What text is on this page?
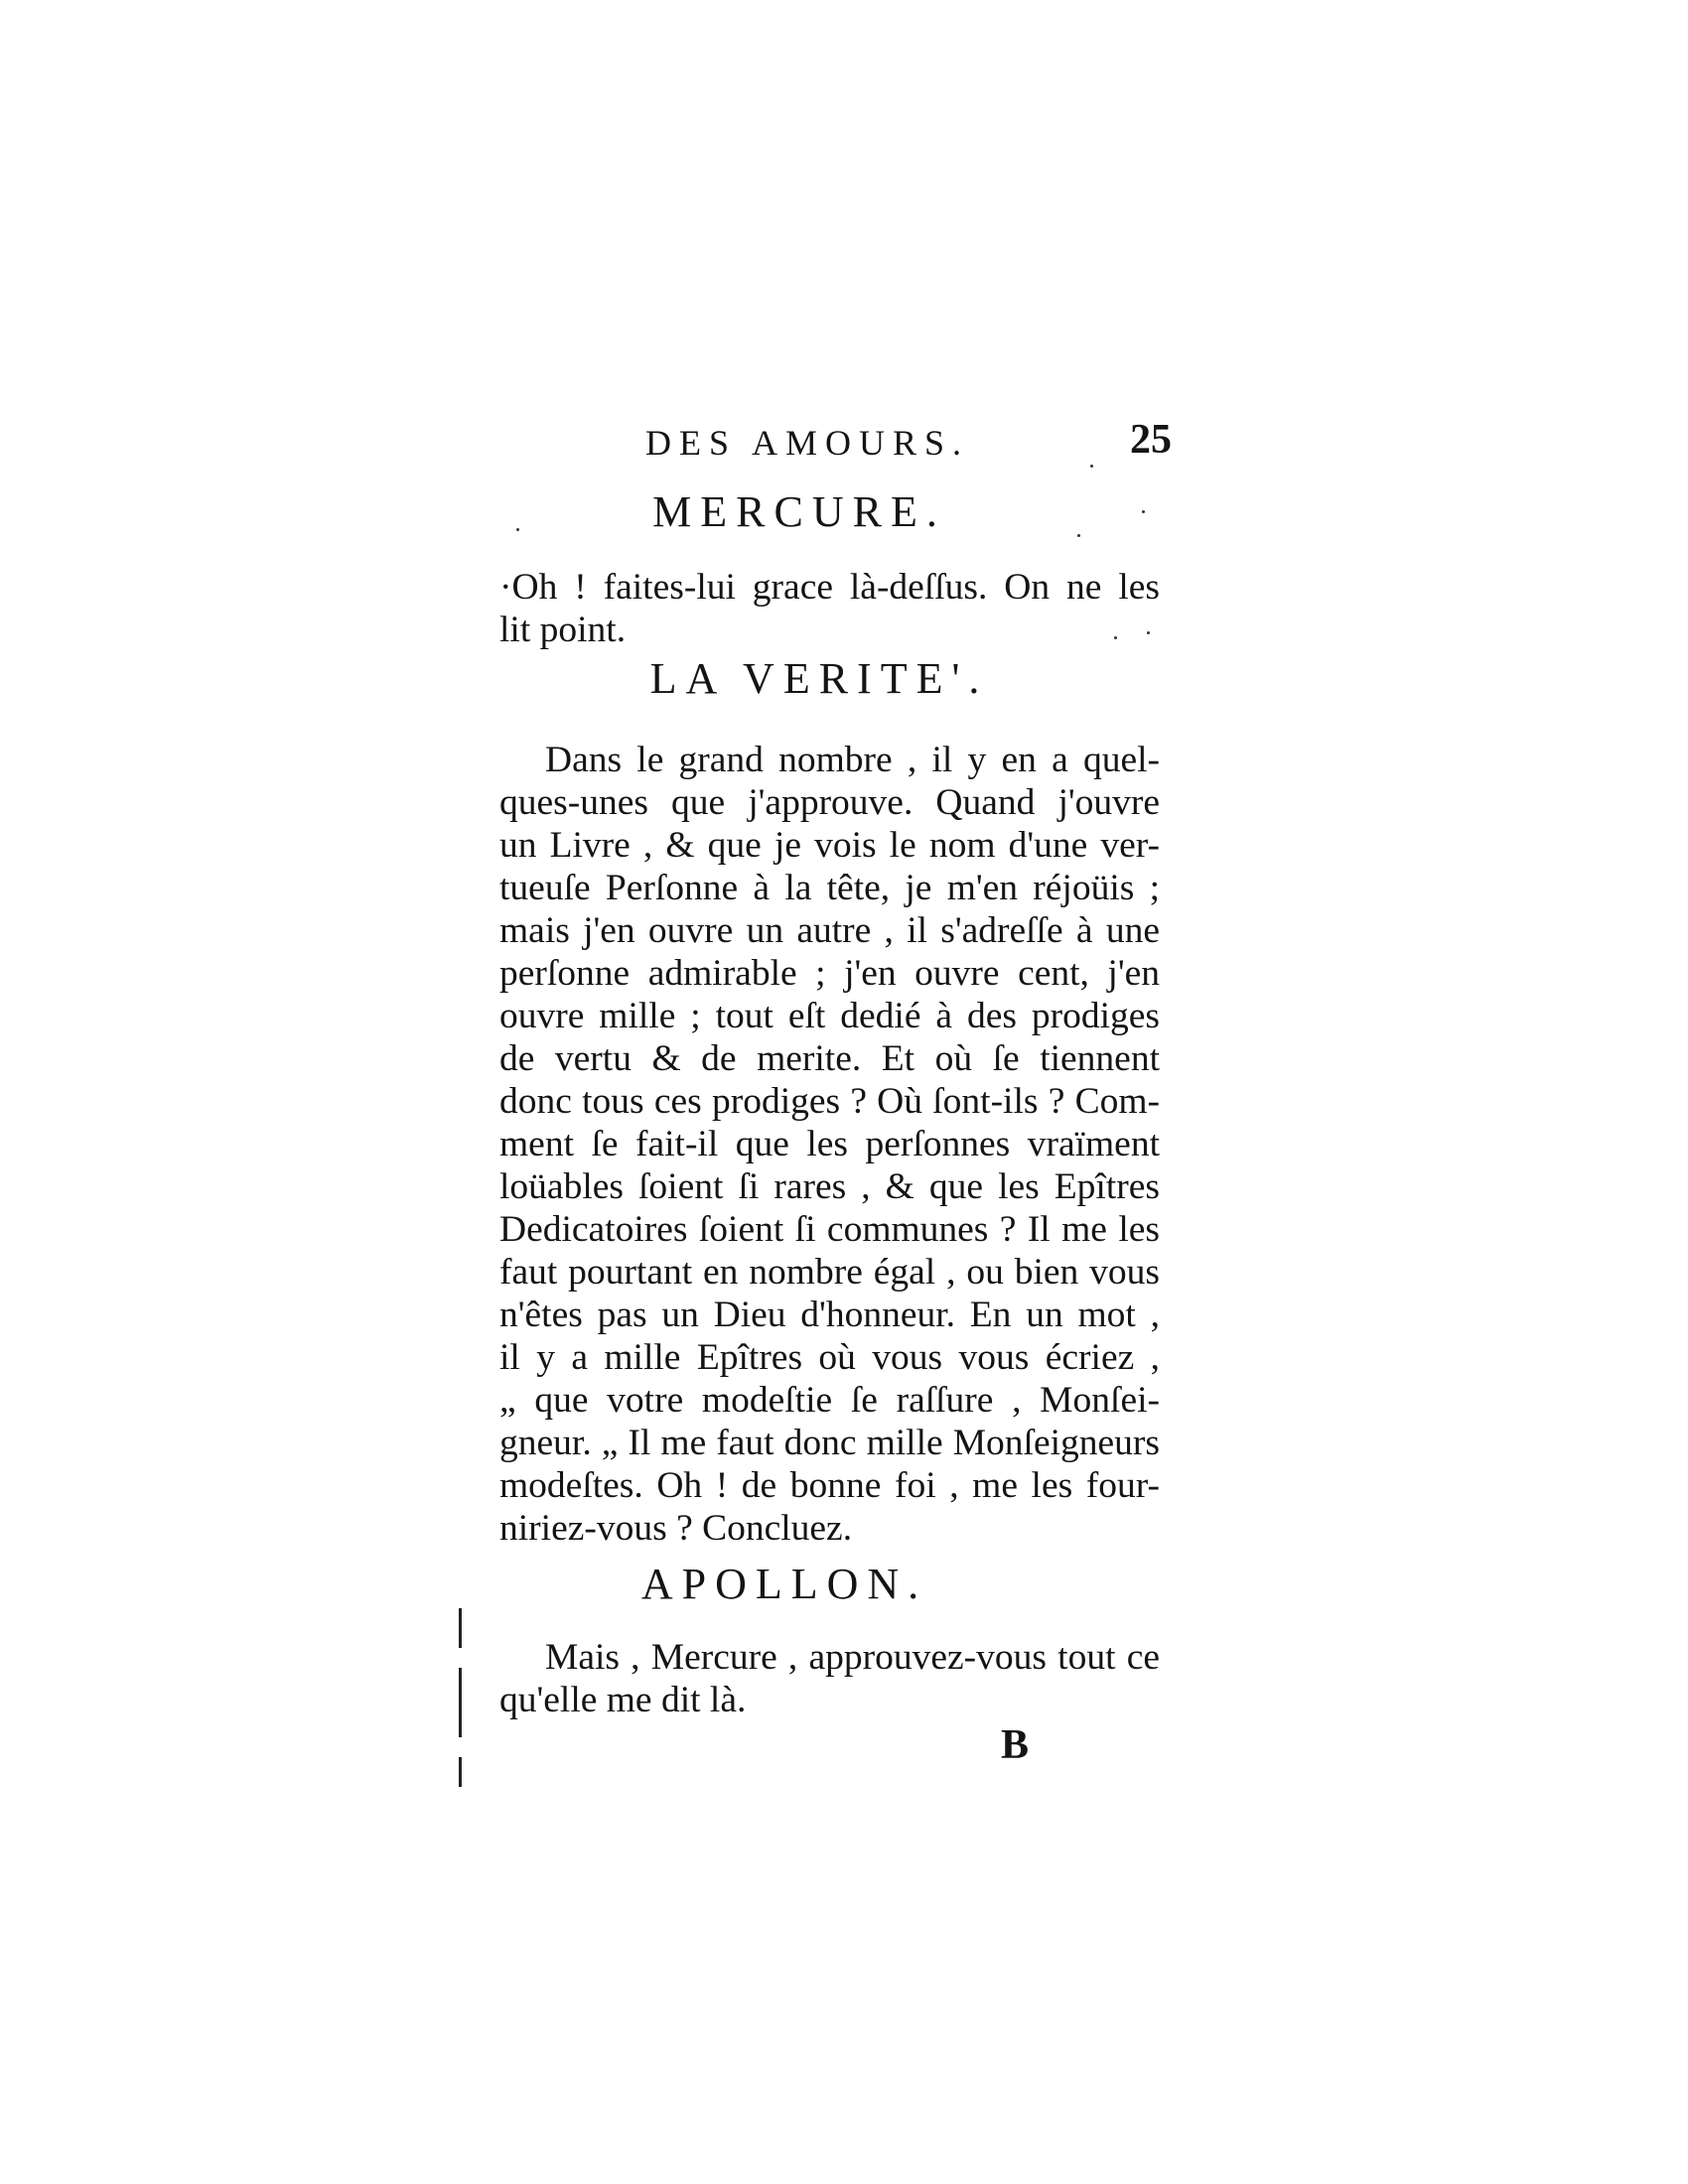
DES AMOURS.	25
MERCURE.
·Oh ! faites-lui grace là-deſſus. On ne les
lit point.
LA VERITE'.
Dans le grand nombre , il y en a quel-
ques-unes que j'approuve. Quand j'ouvre
un Livre , & que je vois le nom d'une ver-
tueuſe Perſonne à la tête, je m'en réjoüis ;
mais j'en ouvre un autre , il s'adreſſe à une
perſonne admirable ; j'en ouvre cent, j'en
ouvre mille ; tout eſt dedié à des prodiges
de vertu & de merite. Et où ſe tiennent
donc tous ces prodiges ? Où ſont-ils ? Com-
ment ſe fait-il que les perſonnes vraïment
loüables ſoient ſi rares , & que les Epîtres
Dedicatoires ſoient ſi communes ? Il me les
faut pourtant en nombre égal , ou bien vous
n'êtes pas un Dieu d'honneur. En un mot ,
il y a mille Epîtres où vous vous écriez ,
„ que votre modeſtie ſe raſſure , Monſei-
gneur. „ Il me faut donc mille Monſeigneurs
modeſtes. Oh ! de bonne foi , me les four-
niriez-vous ? Concluez.
APOLLON.
Mais , Mercure , approuvez-vous tout ce
qu'elle me dit là.
B
